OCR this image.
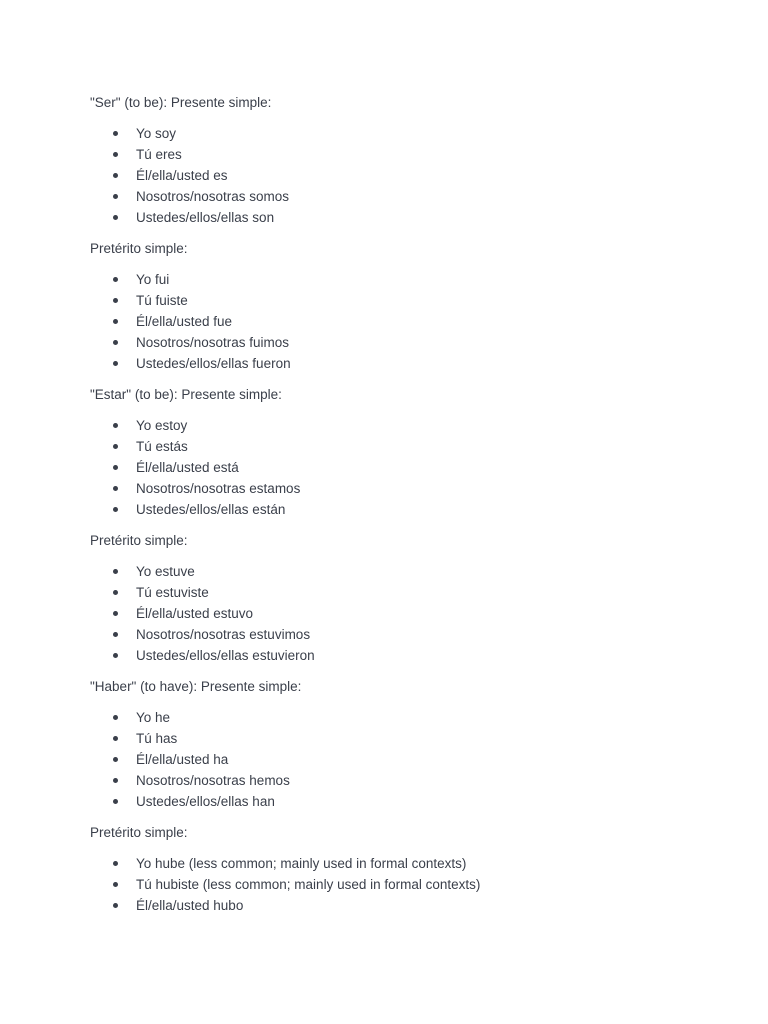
"Ser" (to be): Presente simple:
Yo soy
Tú eres
Él/ella/usted es
Nosotros/nosotras somos
Ustedes/ellos/ellas son
Pretérito simple:
Yo fui
Tú fuiste
Él/ella/usted fue
Nosotros/nosotras fuimos
Ustedes/ellos/ellas fueron
"Estar" (to be): Presente simple:
Yo estoy
Tú estás
Él/ella/usted está
Nosotros/nosotras estamos
Ustedes/ellos/ellas están
Pretérito simple:
Yo estuve
Tú estuviste
Él/ella/usted estuvo
Nosotros/nosotras estuvimos
Ustedes/ellos/ellas estuvieron
"Haber" (to have): Presente simple:
Yo he
Tú has
Él/ella/usted ha
Nosotros/nosotras hemos
Ustedes/ellos/ellas han
Pretérito simple:
Yo hube (less common; mainly used in formal contexts)
Tú hubiste (less common; mainly used in formal contexts)
Él/ella/usted hubo
